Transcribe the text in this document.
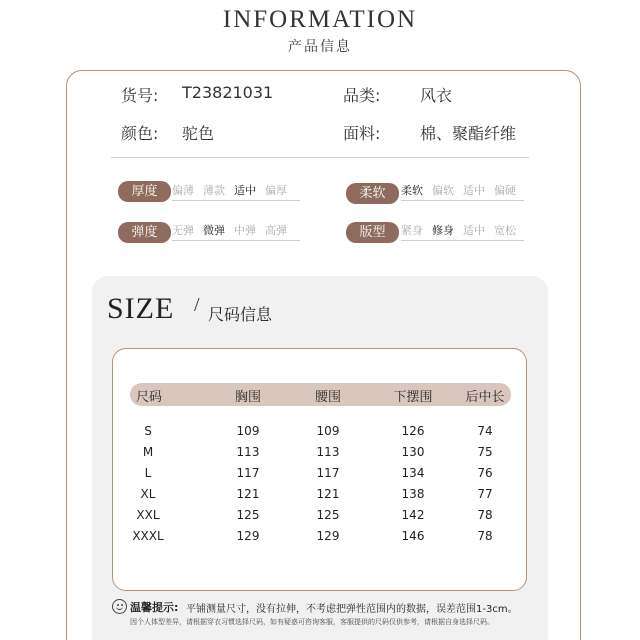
INFORMATION
产品信息
货号: T23821031	品类: 风衣
颜色: 驼色	面料: 棉、聚酯纤维
厚度	偏薄 薄款 适中 偏厚	柔软	柔软 偏软 适中 偏硬
弹度	无弹 微弹 中弹 高弹	版型	紧身 修身 适中 宽松
SIZE / 尺码信息
尺码	胸围	腰围	下摆围	后中长
S	109	109	126	74
M	113	113	130	75
L	117	117	134	76
XL	121	121	138	77
XXL	125	125	142	78
XXXL	129	129	146	78
温馨提示: 平铺测量尺寸，没有拉伸，不考虑把弹性范围内的数据，误差范围1-3cm。
因个人体型差异，请根据穿衣习惯选择尺码，如有疑惑可咨询客服，客服提供的尺码仅供参考，请根据自身选择尺码。
